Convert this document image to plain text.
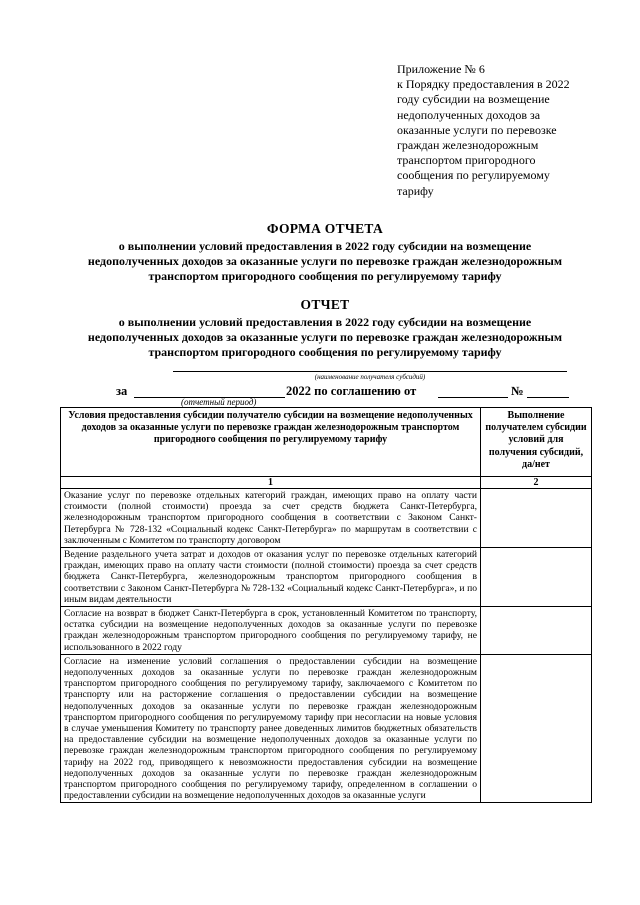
Приложение № 6
к Порядку предоставления в 2022
году субсидии на возмещение
недополученных доходов за
оказанные услуги по перевозке
граждан железнодорожным
транспортом пригородного
сообщения по регулируемому
тарифу
ФОРМА ОТЧЕТА
о выполнении условий предоставления в 2022 году субсидии на возмещение
недополученных доходов за оказанные услуги по перевозке граждан железнодорожным
транспортом пригородного сообщения по регулируемому тарифу
ОТЧЕТ
о выполнении условий предоставления в 2022 году субсидии на возмещение
недополученных доходов за оказанные услуги по перевозке граждан железнодорожным
транспортом пригородного сообщения по регулируемому тарифу
(наименование получателя субсидий)
за	2022 по соглашению от	№
(отчетный период)
Условия предоставления субсидии получателю субсидии на возмещение недополученных доходов за оказанные услуги по перевозке граждан железнодорожным транспортом пригородного сообщения по регулируемому тарифу	Выполнение получателем субсидии условий для получения субсидий, да/нет
1	2
Оказание услуг по перевозке отдельных категорий граждан, имеющих право на оплату части стоимости (полной стоимости) проезда за счет средств бюджета Санкт-Петербурга, железнодорожным транспортом пригородного сообщения в соответствии с Законом Санкт-Петербурга № 728-132 «Социальный кодекс Санкт-Петербурга» по маршрутам в соответствии с заключенным с Комитетом по транспорту договором	
Ведение раздельного учета затрат и доходов от оказания услуг по перевозке отдельных категорий граждан, имеющих право на оплату части стоимости (полной стоимости) проезда за счет средств бюджета Санкт-Петербурга, железнодорожным транспортом пригородного сообщения в соответствии с Законом Санкт-Петербурга № 728-132 «Социальный кодекс Санкт-Петербурга», и по иным видам деятельности	
Согласие на возврат в бюджет Санкт-Петербурга в срок, установленный Комитетом по транспорту, остатка субсидии на возмещение недополученных доходов за оказанные услуги по перевозке граждан железнодорожным транспортом пригородного сообщения по регулируемому тарифу, не использованного в 2022 году	
Согласие на изменение условий соглашения о предоставлении субсидии на возмещение недополученных доходов за оказанные услуги по перевозке граждан железнодорожным транспортом пригородного сообщения по регулируемому тарифу, заключаемого с Комитетом по транспорту или на расторжение соглашения о предоставлении субсидии на возмещение недополученных доходов за оказанные услуги по перевозке граждан железнодорожным транспортом пригородного сообщения по регулируемому тарифу при несогласии на новые условия в случае уменьшения Комитету по транспорту ранее доведенных лимитов бюджетных обязательств на предоставление субсидии на возмещение недополученных доходов за оказанные услуги по перевозке граждан железнодорожным транспортом пригородного сообщения по регулируемому тарифу на 2022 год, приводящего к невозможности предоставления субсидии на возмещение недополученных доходов за оказанные услуги по перевозке граждан железнодорожным транспортом пригородного сообщения по регулируемому тарифу, определенном в соглашении о предоставлении субсидии на возмещение недополученных доходов за оказанные услуги	
